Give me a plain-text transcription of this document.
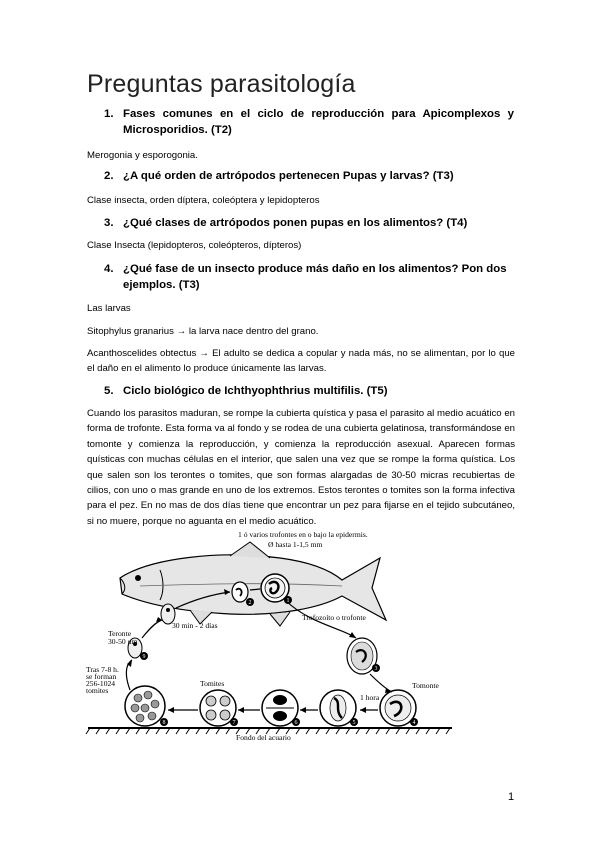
Preguntas parasitología
1. Fases comunes en el ciclo de reproducción para Apicomplexos y Microsporidios. (T2)
Merogonia y esporogonia.
2. ¿A qué orden de artrópodos pertenecen Pupas y larvas? (T3)
Clase insecta, orden díptera, coleóptera y lepidopteros
3. ¿Qué clases de artrópodos ponen pupas en los alimentos? (T4)
Clase Insecta (lepidopteros, coleópteros, dípteros)
4. ¿Qué fase de un insecto produce más daño en los alimentos? Pon dos ejemplos. (T3)
Las larvas
Sitophylus granarius → la larva nace dentro del grano.
Acanthoscelides obtectus → El adulto se dedica a copular y nada más, no se alimentan, por lo que el daño en el alimento lo produce únicamente las larvas.
5. Ciclo biológico de Ichthyophthrius multifilis. (T5)
Cuando los parasitos maduran, se rompe la cubierta quística y pasa el parasito al medio acuático en forma de trofonte. Esta forma va al fondo y se rodea de una cubierta gelatinosa, transformándose en tomonte y comienza la reproducción, y comienza la reproducción asexual. Aparecen formas quísticas con muchas células en el interior, que salen una vez que se rompe la forma quística. Los que salen son los terontes o tomites, que son formas alargadas de 30-50 micras recubiertas de cilios, con uno o mas grande en uno de los extremos. Estos terontes o tomites son la forma infectiva para el pez. En no mas de dos días tiene que encontrar un pez para fijarse en el tejido subcutáneo, si no muere, porque no aguanta en el medio acuático.
1
2
3
4
5
6
7
8
9
1 ó varios trofontes en o bajo la epidermis.
Ø hasta 1-1,5 mm
Trofozoíto o trofonte
30 min - 2 días
Teronte
30-50 μm
Tras 7-8 h.
se forman
256-1024
tomites
Tomites
1 hora
Tomonte
Fondo del acuario
1
